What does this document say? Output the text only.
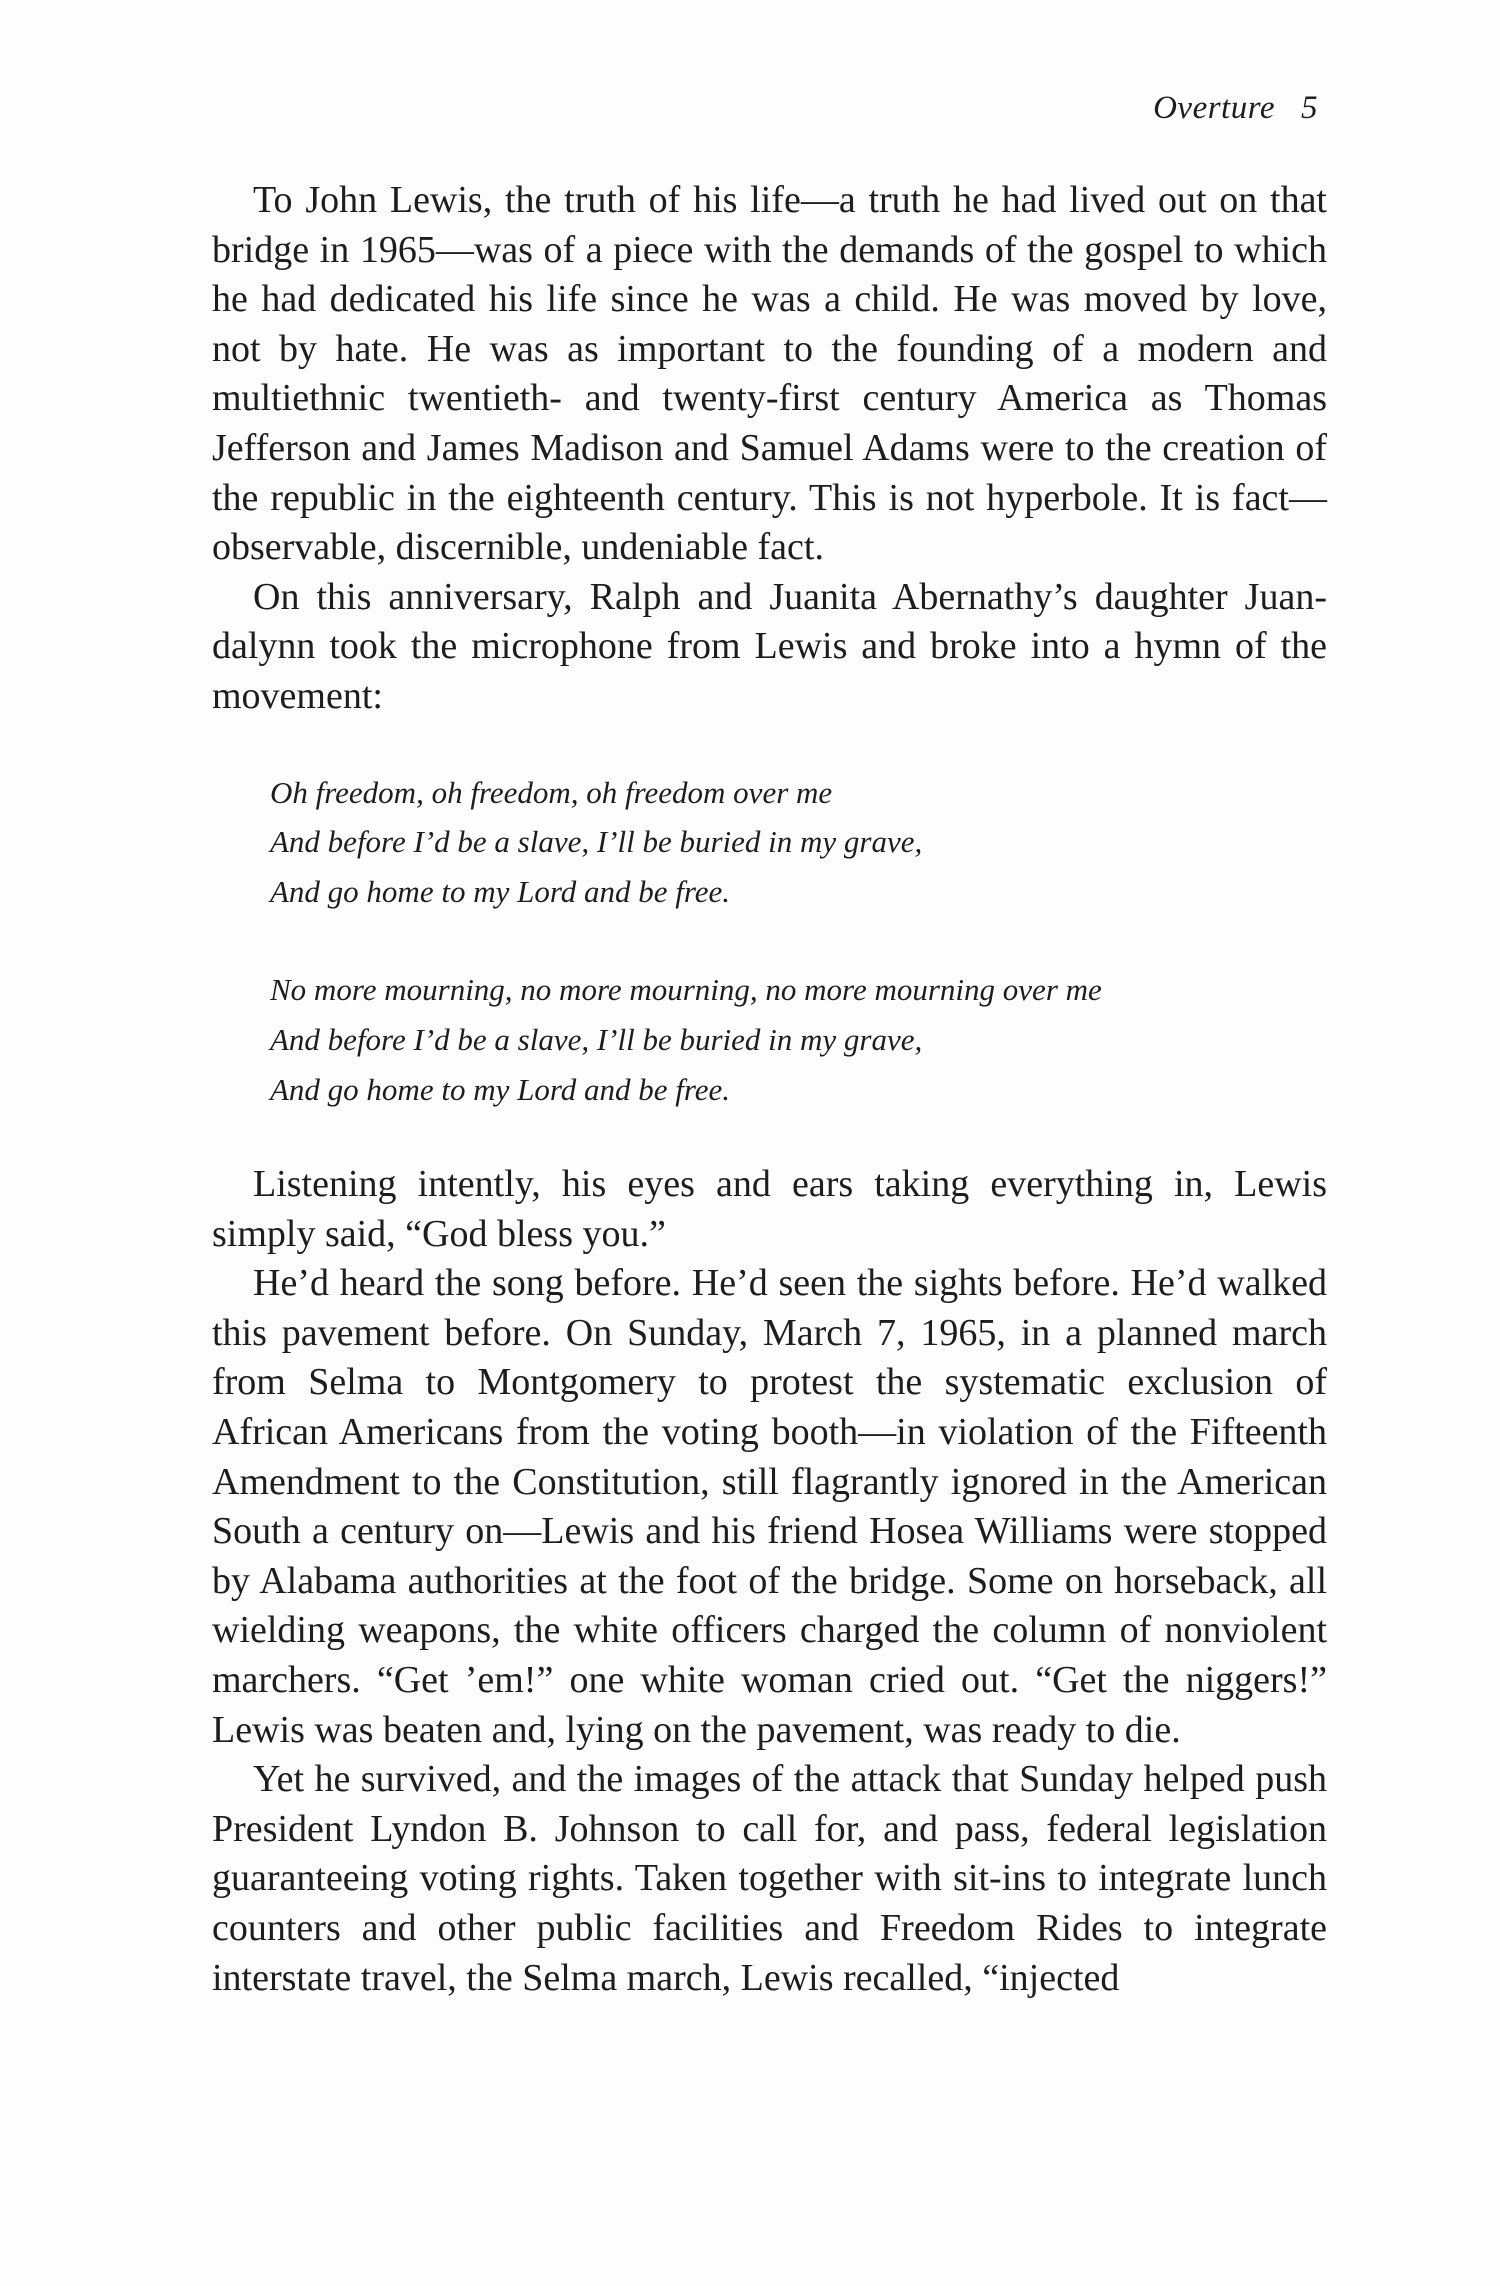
Overture 5

To John Lewis, the truth of his life—a truth he had lived out on that bridge in 1965—was of a piece with the demands of the gospel to which he had dedicated his life since he was a child. He was moved by love, not by hate. He was as important to the founding of a modern and multiethnic twentieth- and twenty-first century America as Thomas Jefferson and James Madison and Samuel Adams were to the creation of the republic in the eighteenth century. This is not hyperbole. It is fact—observable, discernible, undeniable fact.

On this anniversary, Ralph and Juanita Abernathy’s daughter Juandalynn took the microphone from Lewis and broke into a hymn of the movement:

Oh freedom, oh freedom, oh freedom over me
And before I’d be a slave, I’ll be buried in my grave,
And go home to my Lord and be free.
No more mourning, no more mourning, no more mourning over me
And before I’d be a slave, I’ll be buried in my grave,
And go home to my Lord and be free.

Listening intently, his eyes and ears taking everything in, Lewis simply said, “God bless you.”

He’d heard the song before. He’d seen the sights before. He’d walked this pavement before. On Sunday, March 7, 1965, in a planned march from Selma to Montgomery to protest the systematic exclusion of African Americans from the voting booth—in violation of the Fifteenth Amendment to the Constitution, still flagrantly ignored in the American South a century on—Lewis and his friend Hosea Williams were stopped by Alabama authorities at the foot of the bridge. Some on horseback, all wielding weapons, the white officers charged the column of nonviolent marchers. “Get ’em!” one white woman cried out. “Get the niggers!” Lewis was beaten and, lying on the pavement, was ready to die.

Yet he survived, and the images of the attack that Sunday helped push President Lyndon B. Johnson to call for, and pass, federal legislation guaranteeing voting rights. Taken together with sit-ins to integrate lunch counters and other public facilities and Freedom Rides to integrate interstate travel, the Selma march, Lewis recalled, “injected
